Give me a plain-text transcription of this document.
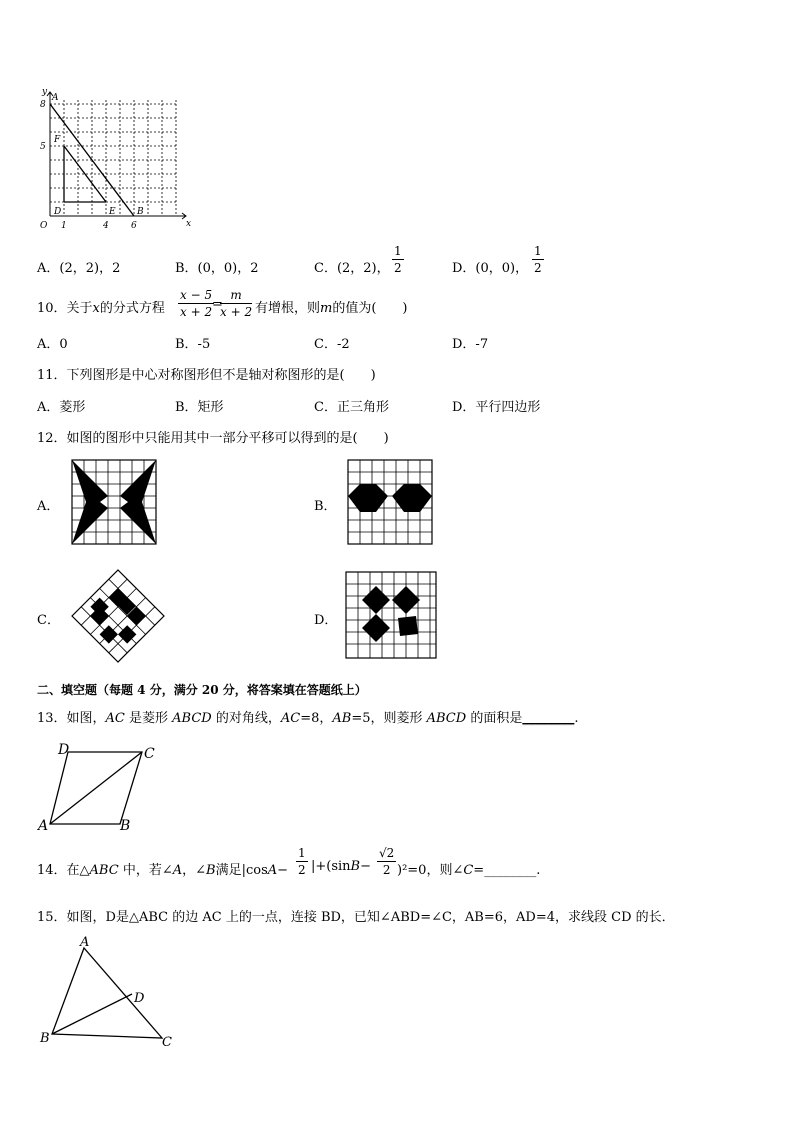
y
x
O
8
5
1	4 6
A
F
D	E B
A．(2，2)，2	B．(0，0)，2	C．(2，2)， $\frac{1}{2}$	D．(0，0)， $\frac{1}{2}$
10．关于x的分式方程 $\frac{x - 5}{x + 2}$
=
$\frac{m}{x + 2}$ 有增根，则m的值为(　　)
A．0	B．-5	C．-2	D．-7
11．下列图形是中心对称图形但不是轴对称图形的是(　　)
A．菱形	B．矩形	C．正三角形	D．平行四边形
12．如图的图形中只能用其中一部分平移可以得到的是(　　)
A．	B．
C．	D．
二、填空题（每题 4 分，满分 20 分，将答案填在答题纸上）
13．如图，AC 是菱形 ABCD 的对角线，AC=8，AB=5，则菱形 ABCD 的面积是________.
D	C
A	B
14．在△ABC 中，若∠A，∠B满足$|\cos A- \frac{1}{2} |+(\sin B- \frac{√2}{2} )^2=0$，则∠C=________.
15．如图，D是△ABC 的边 AC 上的一点，连接 BD，已知∠ABD=∠C，AB=6，AD=4，求线段 CD 的长．
A
B	C
D
